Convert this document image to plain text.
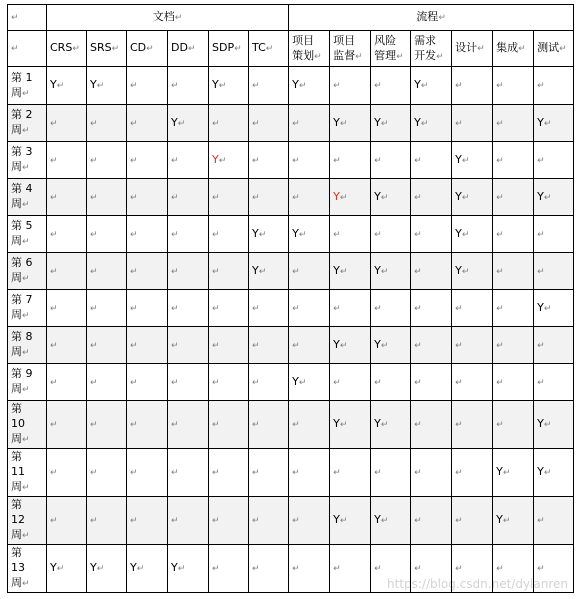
↵	文档↵						流程↵						
↵	CRS↵	SRS↵	CD↵	DD↵	SDP↵	TC↵	项目
策划↵	项目
监督↵	风险
管理↵	需求
开发↵	设计↵	集成↵	测试↵
第 1
周↵	Y↵	Y↵	↵	↵	Y↵	↵	Y↵	↵	↵	Y↵	↵	↵	↵
第 2
周↵	↵	↵	↵	Y↵	↵	↵	↵	Y↵	Y↵	Y↵	↵	↵	Y↵
第 3
周↵	↵	↵	↵	↵	Y↵	↵	↵	↵	↵	↵	Y↵	↵	↵
第 4
周↵	↵	↵	↵	↵	↵	↵	↵	Y↵	Y↵	↵	Y↵	↵	Y↵
第 5
周↵	↵	↵	↵	↵	↵	Y↵	Y↵	↵	↵	↵	Y↵	↵	↵
第 6
周↵	↵	↵	↵	↵	↵	Y↵	↵	Y↵	Y↵	↵	Y↵	↵	↵
第 7
周↵	↵	↵	↵	↵	↵	↵	↵	↵	↵	↵	↵	↵	Y↵
第 8
周↵	↵	↵	↵	↵	↵	↵	↵	Y↵	Y↵	↵	↵	↵	↵
第 9
周↵	↵	↵	↵	↵	↵	↵	Y↵	↵	↵	↵	↵	↵	↵
第
10
周↵	↵	↵	↵	↵	↵	↵	↵	Y↵	Y↵	↵	↵	↵	Y↵
第
11
周↵	↵	↵	↵	↵	↵	↵	↵	↵	↵	↵	↵	Y↵	Y↵
第
12
周↵	↵	↵	↵	↵	↵	↵	↵	Y↵	Y↵	↵	↵	Y↵	↵
第
13
周↵	Y↵	Y↵	Y↵	Y↵	↵	↵	↵	↵	↵	↵	↵	↵	↵
https://blog.csdn.net/dylanren
